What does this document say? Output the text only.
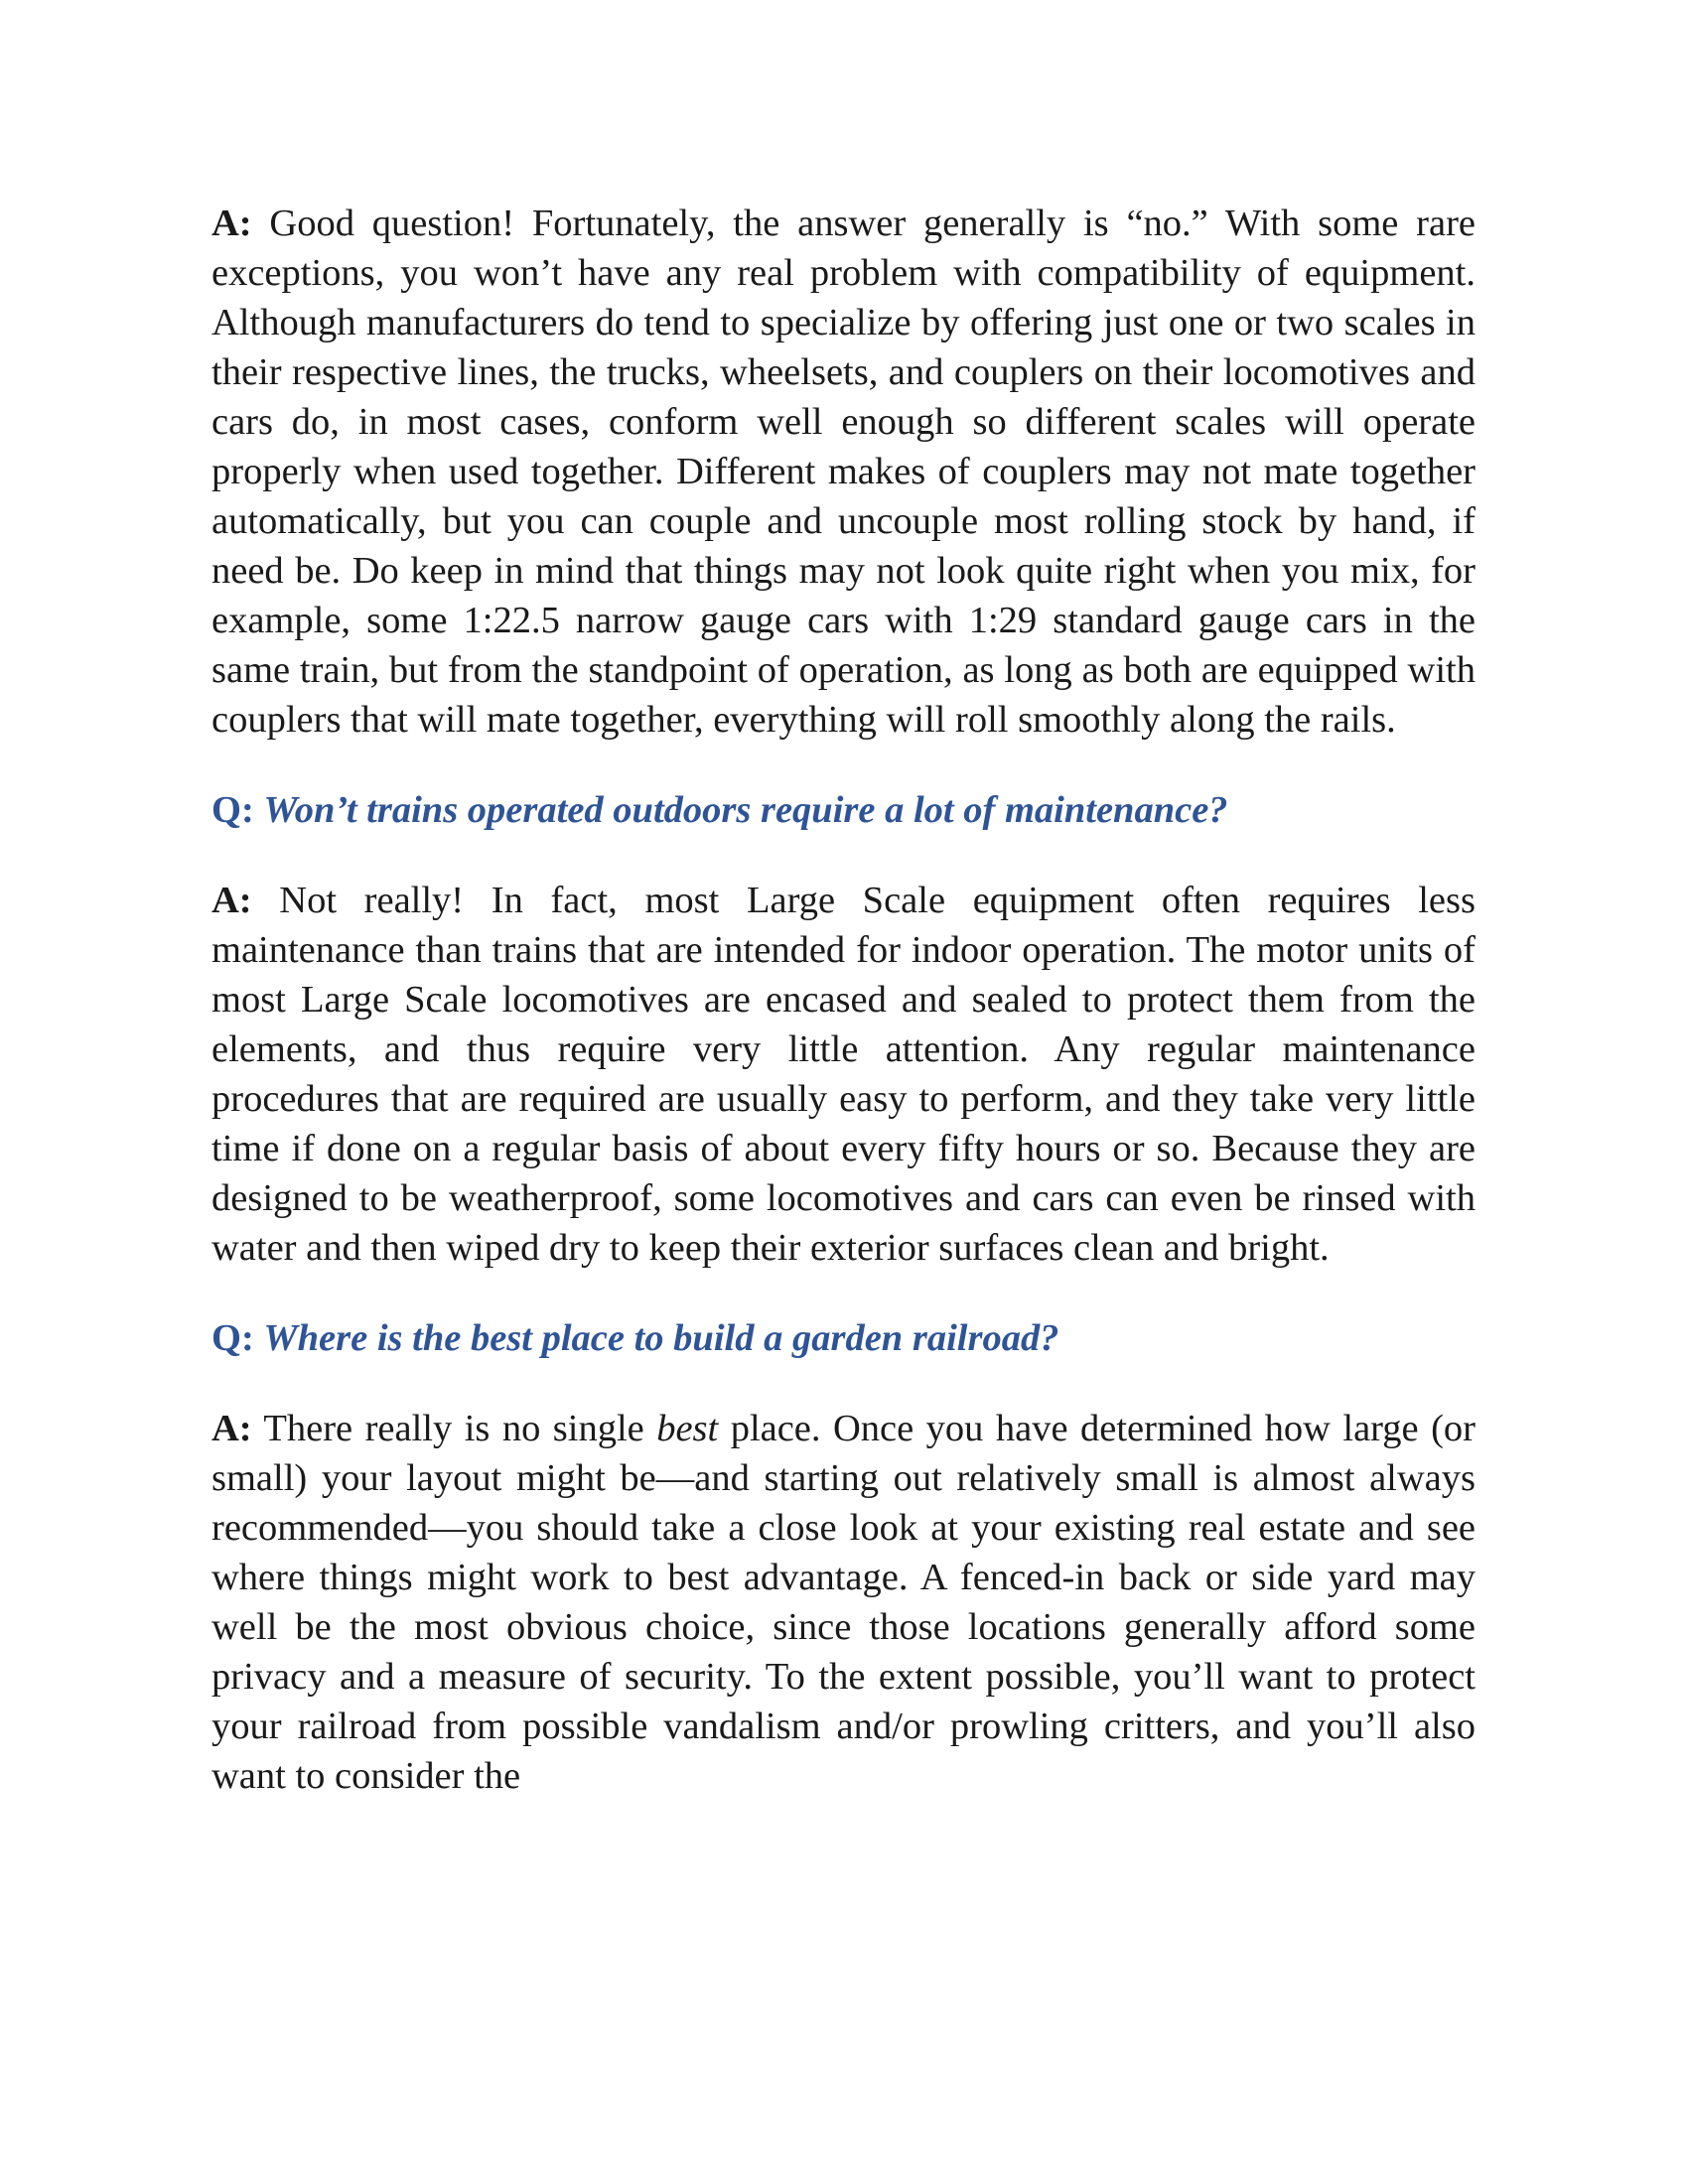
A: Good question! Fortunately, the answer generally is “no.” With some rare exceptions, you won’t have any real problem with compatibility of equipment. Although manufacturers do tend to specialize by offering just one or two scales in their respective lines, the trucks, wheelsets, and couplers on their locomotives and cars do, in most cases, conform well enough so different scales will operate properly when used together. Different makes of couplers may not mate together automatically, but you can couple and uncouple most rolling stock by hand, if need be. Do keep in mind that things may not look quite right when you mix, for example, some 1:22.5 narrow gauge cars with 1:29 standard gauge cars in the same train, but from the standpoint of operation, as long as both are equipped with couplers that will mate together, everything will roll smoothly along the rails.

Q: Won’t trains operated outdoors require a lot of maintenance?

A: Not really! In fact, most Large Scale equipment often requires less maintenance than trains that are intended for indoor operation. The motor units of most Large Scale locomotives are encased and sealed to protect them from the elements, and thus require very little attention. Any regular maintenance procedures that are required are usually easy to perform, and they take very little time if done on a regular basis of about every fifty hours or so. Because they are designed to be weatherproof, some locomotives and cars can even be rinsed with water and then wiped dry to keep their exterior surfaces clean and bright.

Q: Where is the best place to build a garden railroad?

A: There really is no single best place. Once you have determined how large (or small) your layout might be—and starting out relatively small is almost always recommended—you should take a close look at your existing real estate and see where things might work to best advantage. A fenced-in back or side yard may well be the most obvious choice, since those locations generally afford some privacy and a measure of security. To the extent possible, you’ll want to protect your railroad from possible vandalism and/or prowling critters, and you’ll also want to consider the
